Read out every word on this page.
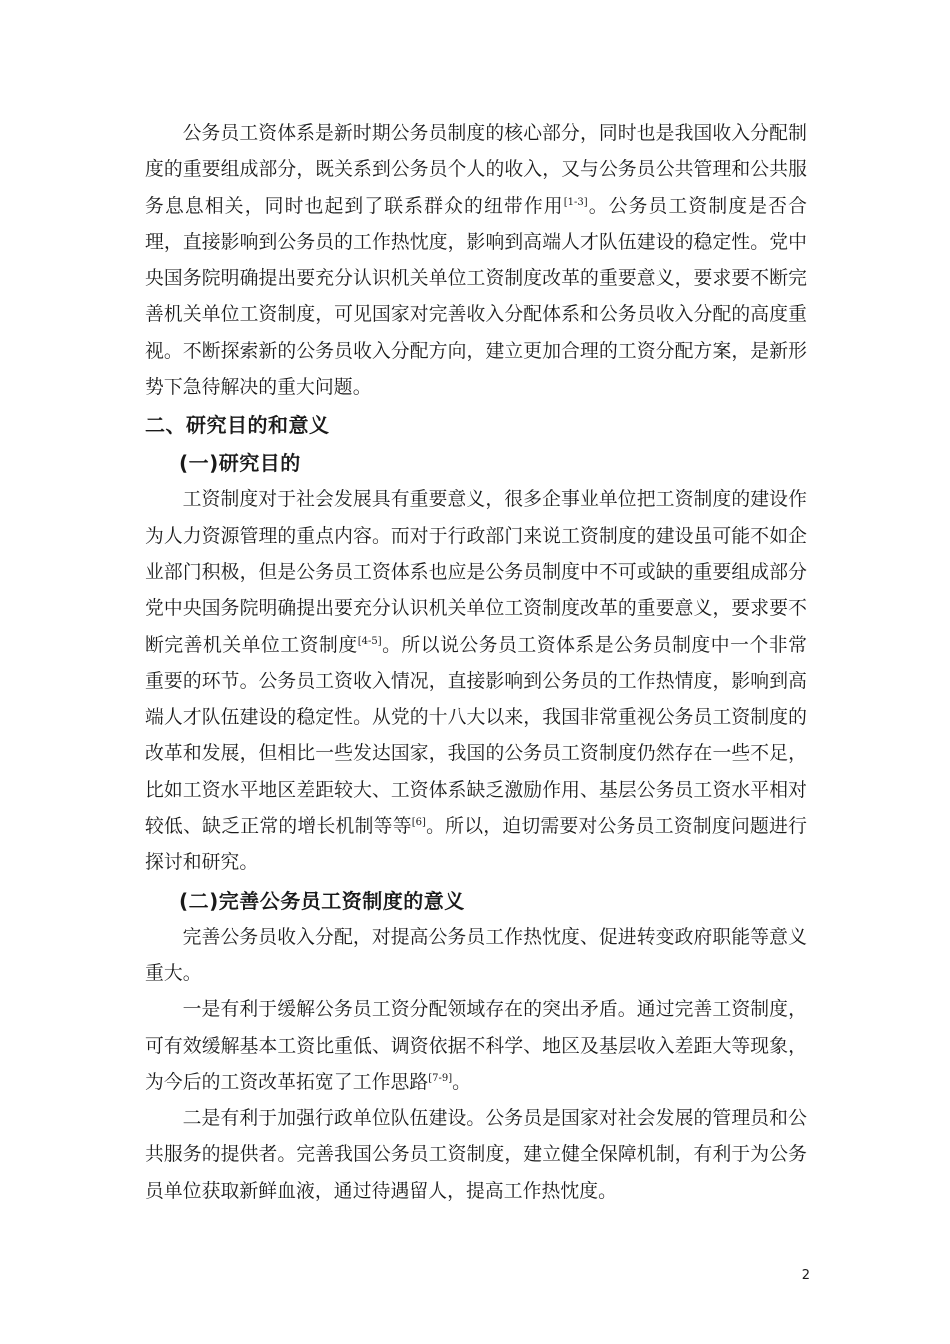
公务员工资体系是新时期公务员制度的核心部分，同时也是我国收入分配制度的重要组成部分，既关系到公务员个人的收入，又与公务员公共管理和公共服务息息相关，同时也起到了联系群众的纽带作用[1-3]。公务员工资制度是否合理，直接影响到公务员的工作热忱度，影响到高端人才队伍建设的稳定性。党中央国务院明确提出要充分认识机关单位工资制度改革的重要意义，要求要不断完善机关单位工资制度，可见国家对完善收入分配体系和公务员收入分配的高度重视。不断探索新的公务员收入分配方向，建立更加合理的工资分配方案，是新形势下急待解决的重大问题。

二、研究目的和意义
(一)研究目的

工资制度对于社会发展具有重要意义，很多企事业单位把工资制度的建设作为人力资源管理的重点内容。而对于行政部门来说工资制度的建设虽可能不如企业部门积极，但是公务员工资体系也应是公务员制度中不可或缺的重要组成部分党中央国务院明确提出要充分认识机关单位工资制度改革的重要意义，要求要不断完善机关单位工资制度[4-5]。所以说公务员工资体系是公务员制度中一个非常重要的环节。公务员工资收入情况，直接影响到公务员的工作热情度，影响到高端人才队伍建设的稳定性。从党的十八大以来，我国非常重视公务员工资制度的改革和发展，但相比一些发达国家，我国的公务员工资制度仍然存在一些不足，比如工资水平地区差距较大、工资体系缺乏激励作用、基层公务员工资水平相对较低、缺乏正常的增长机制等等[6]。所以，迫切需要对公务员工资制度问题进行探讨和研究。

(二)完善公务员工资制度的意义

完善公务员收入分配，对提高公务员工作热忱度、促进转变政府职能等意义重大。

一是有利于缓解公务员工资分配领域存在的突出矛盾。通过完善工资制度，可有效缓解基本工资比重低、调资依据不科学、地区及基层收入差距大等现象，为今后的工资改革拓宽了工作思路[7-9]。

二是有利于加强行政单位队伍建设。公务员是国家对社会发展的管理员和公共服务的提供者。完善我国公务员工资制度，建立健全保障机制，有利于为公务员单位获取新鲜血液，通过待遇留人，提高工作热忱度。

2
